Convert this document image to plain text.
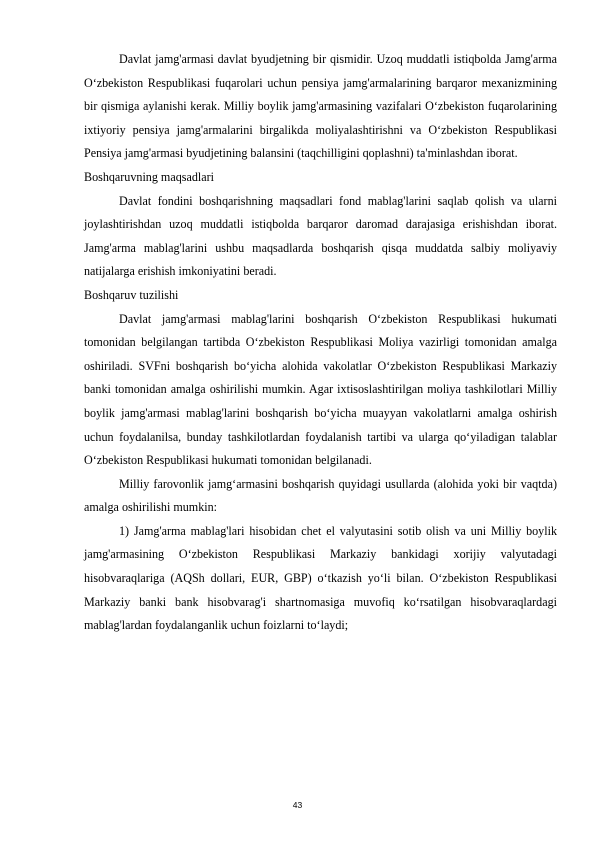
Davlat jamg'armasi davlat byudjetning bir qismidir. Uzoq muddatli istiqbolda Jamg'arma O‘zbekiston Respublikasi fuqarolari uchun pensiya jamg'armalarining barqaror mexanizmining bir qismiga aylanishi kerak. Milliy boylik jamg'armasining vazifalari O‘zbekiston fuqarolarining ixtiyoriy pensiya jamg'armalarini birgalikda moliyalashtirishni va O‘zbekiston Respublikasi Pensiya jamg'armasi byudjetining balansini (taqchilligini qoplashni) ta'minlashdan iborat.

Boshqaruvning maqsadlari

Davlat fondini boshqarishning maqsadlari fond mablag'larini saqlab qolish va ularni joylashtirishdan uzoq muddatli istiqbolda barqaror daromad darajasiga erishishdan iborat. Jamg'arma mablag'larini ushbu maqsadlarda boshqarish qisqa muddatda salbiy moliyaviy natijalarga erishish imkoniyatini beradi.

Boshqaruv tuzilishi

Davlat jamg'armasi mablag'larini boshqarish O‘zbekiston Respublikasi hukumati tomonidan belgilangan tartibda O‘zbekiston Respublikasi Moliya vazirligi tomonidan amalga oshiriladi. SVFni boshqarish bo‘yicha alohida vakolatlar O‘zbekiston Respublikasi Markaziy banki tomonidan amalga oshirilishi mumkin. Agar ixtisoslashtirilgan moliya tashkilotlari Milliy boylik jamg'armasi mablag'larini boshqarish bo‘yicha muayyan vakolatlarni amalga oshirish uchun foydalanilsa, bunday tashkilotlardan foydalanish tartibi va ularga qo‘yiladigan talablar O‘zbekiston Respublikasi hukumati tomonidan belgilanadi.

Milliy farovonlik jamg‘armasini boshqarish quyidagi usullarda (alohida yoki bir vaqtda) amalga oshirilishi mumkin:

1) Jamg'arma mablag'lari hisobidan chet el valyutasini sotib olish va uni Milliy boylik jamg'armasining O‘zbekiston Respublikasi Markaziy bankidagi xorijiy valyutadagi hisobvaraqlariga (AQSh dollari, EUR, GBP) o‘tkazish yo‘li bilan. O‘zbekiston Respublikasi Markaziy banki bank hisobvarag'i shartnomasiga muvofiq ko‘rsatilgan hisobvaraqlardagi mablag'lardan foydalanganlik uchun foizlarni to‘laydi;

43
